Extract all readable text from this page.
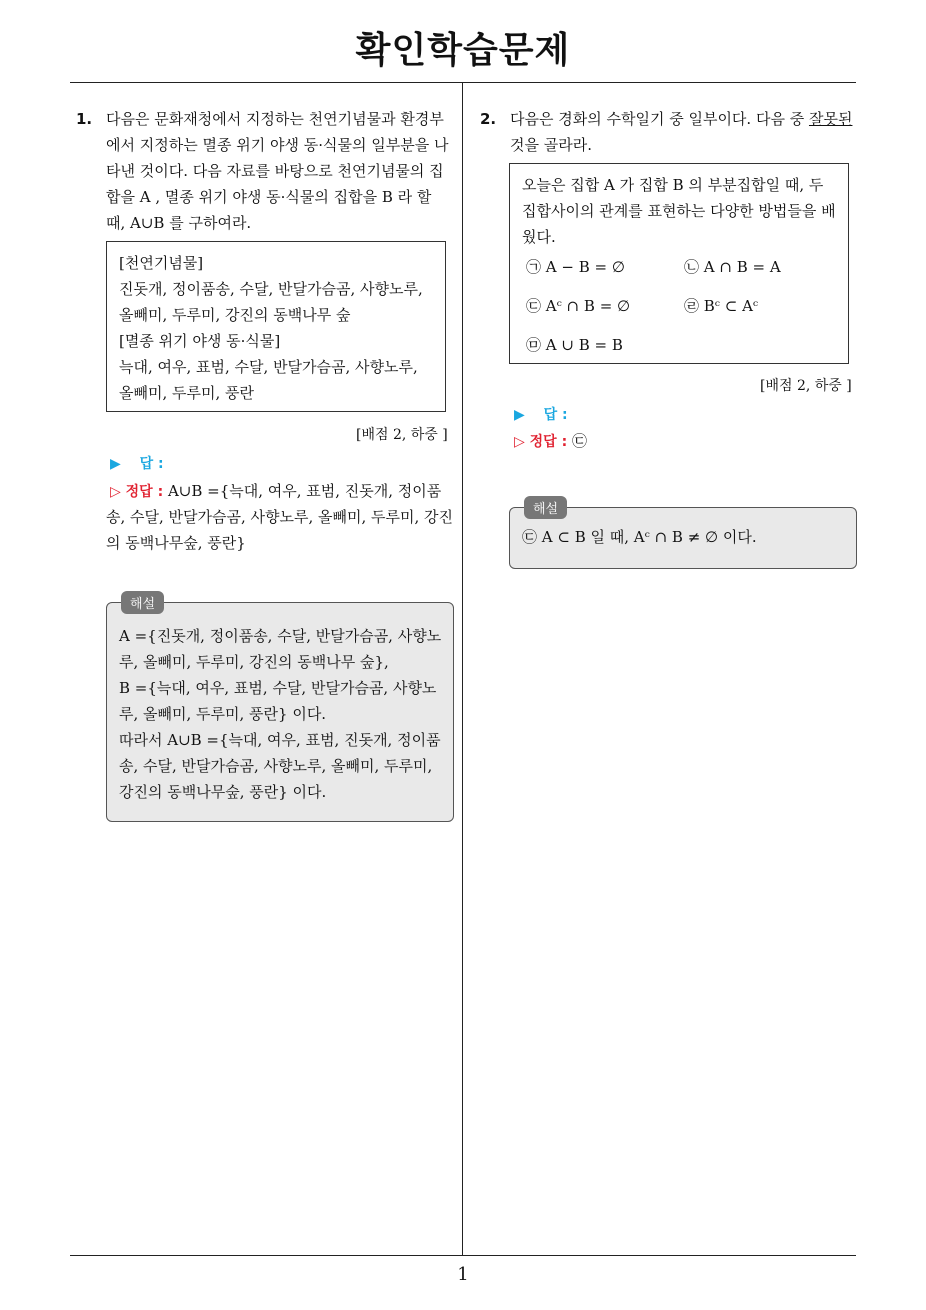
확인학습문제
1. 다음은 문화재청에서 지정하는 천연기념물과 환경부
에서 지정하는 멸종 위기 야생 동·식물의 일부분을 나
타낸 것이다. 다음 자료를 바탕으로 천연기념물의 집
합을 A , 멸종 위기 야생 동·식물의 집합을 B 라 할
때, A∪B 를 구하여라.
[천연기념물]
진돗개, 정이품송, 수달, 반달가슴곰, 사향노루,
올빼미, 두루미, 강진의 동백나무 숲
[멸종 위기 야생 동·식물]
늑대, 여우, 표범, 수달, 반달가슴곰, 사향노루,
올빼미, 두루미, 풍란
[배점 2, 하중 ]
▶ 답 :
▷ 정답 : A∪B ={늑대, 여우, 표범, 진돗개, 정이품
송, 수달, 반달가슴곰, 사향노루, 올빼미, 두루미, 강진
의 동백나무숲, 풍란}
A ={진돗개, 정이품송, 수달, 반달가슴곰, 사향노
루, 올빼미, 두루미, 강진의 동백나무 숲},
B ={늑대, 여우, 표범, 수달, 반달가슴곰, 사향노
루, 올빼미, 두루미, 풍란} 이다.
따라서 A∪B ={늑대, 여우, 표범, 진돗개, 정이품
송, 수달, 반달가슴곰, 사향노루, 올빼미, 두루미,
강진의 동백나무숲, 풍란} 이다.
해설
2. 다음은 경화의 수학일기 중 일부이다. 다음 중 잘못된
것을 골라라.
오늘은 집합 A 가 집합 B 의 부분집합일 때, 두
집합사이의 관계를 표현하는 다양한 방법들을 배
웠다.
㉠ A − B = ∅	㉡ A ∩ B = A
㉢ Aᶜ ∩ B = ∅	㉣ Bᶜ ⊂ Aᶜ
㉤ A ∪ B = B
[배점 2, 하중 ]
▶ 답 :
▷ 정답 : ㉢
㉢ A ⊂ B 일 때, Aᶜ ∩ B ≠ ∅ 이다.
해설
1
